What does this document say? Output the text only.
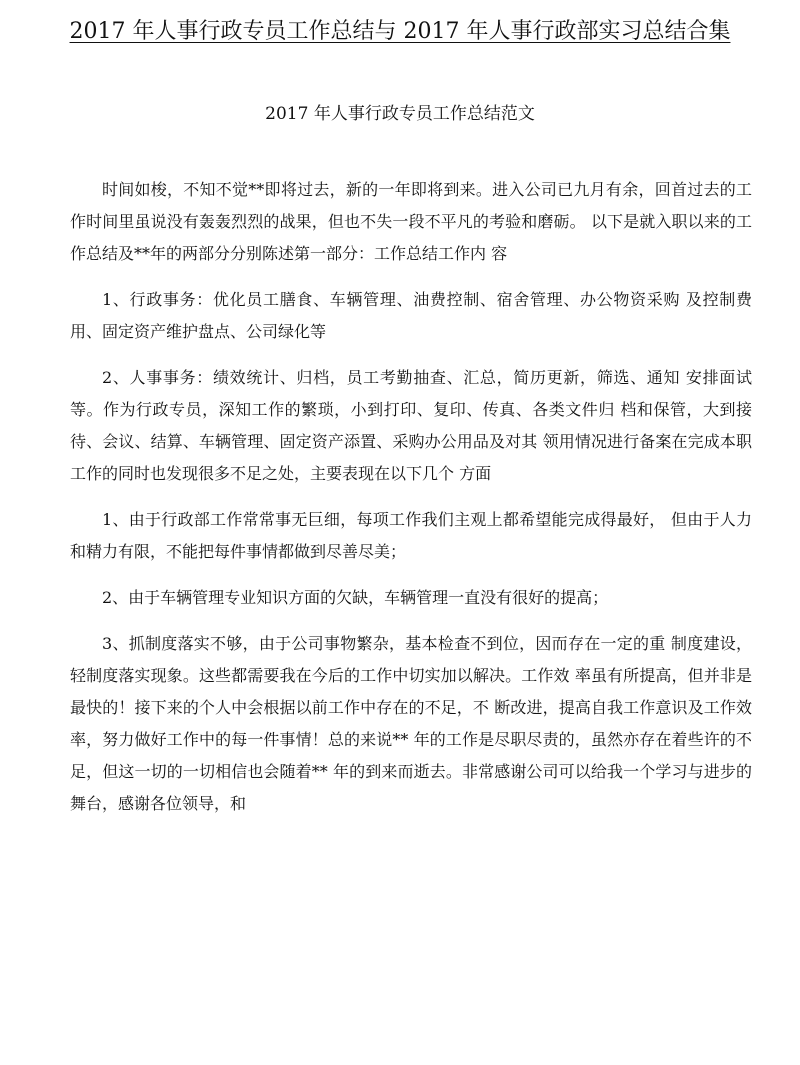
2017 年人事行政专员工作总结与 2017 年人事行政部实习总结合集
2017 年人事行政专员工作总结范文

时间如梭，不知不觉**即将过去，新的一年即将到来。进入公司已九月有余，回首过去的工作时间里虽说没有轰轰烈烈的战果，但也不失一段不平凡的考验和磨砺。 以下是就入职以来的工作总结及**年的两部分分别陈述第一部分：工作总结工作内 容

1、行政事务：优化员工膳食、车辆管理、油费控制、宿舍管理、办公物资采购 及控制费用、固定资产维护盘点、公司绿化等

2、人事事务：绩效统计、归档，员工考勤抽查、汇总，简历更新，筛选、通知 安排面试等。作为行政专员，深知工作的繁琐，小到打印、复印、传真、各类文件归 档和保管，大到接待、会议、结算、车辆管理、固定资产添置、采购办公用品及对其 领用情况进行备案在完成本职工作的同时也发现很多不足之处，主要表现在以下几个 方面

1、由于行政部工作常常事无巨细，每项工作我们主观上都希望能完成得最好， 但由于人力和精力有限，不能把每件事情都做到尽善尽美；

2、由于车辆管理专业知识方面的欠缺，车辆管理一直没有很好的提高；

3、抓制度落实不够，由于公司事物繁杂，基本检查不到位，因而存在一定的重 制度建设，轻制度落实现象。这些都需要我在今后的工作中切实加以解决。工作效 率虽有所提高，但并非是最快的！接下来的个人中会根据以前工作中存在的不足，不 断改进，提高自我工作意识及工作效率，努力做好工作中的每一件事情！总的来说** 年的工作是尽职尽责的，虽然亦存在着些许的不足，但这一切的一切相信也会随着** 年的到来而逝去。非常感谢公司可以给我一个学习与进步的舞台，感谢各位领导，和
